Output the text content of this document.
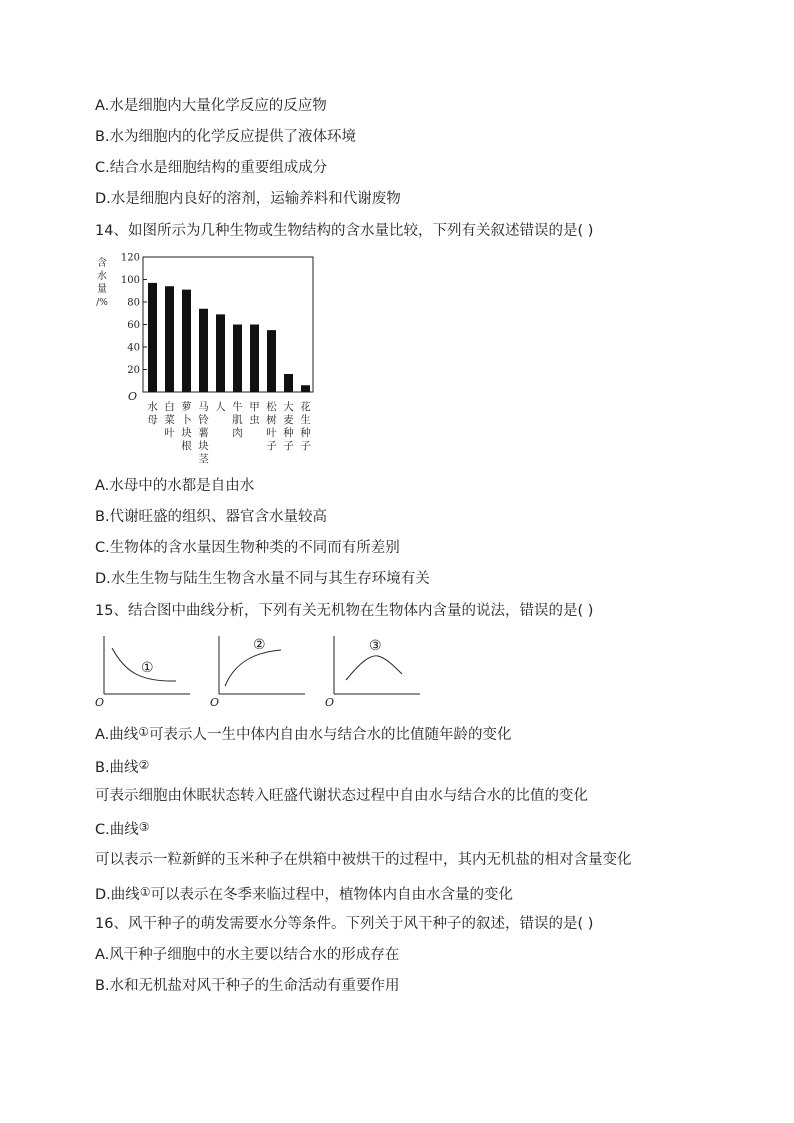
A.水是细胞内大量化学反应的反应物
B.水为细胞内的化学反应提供了液体环境
C.结合水是细胞结构的重要组成成分
D.水是细胞内良好的溶剂，运输养料和代谢废物
14、如图所示为几种生物或生物结构的含水量比较，下列有关叙述错误的是( )
含
水
量
/%
O
20
40
60
80
100
120
水
母
白
菜
叶
萝
卜
块
根
马
铃
薯
块
茎
人 牛
肌
肉
甲
虫
松
树
叶
子
大
麦
种
子
花
生
种
子
A.水母中的水都是自由水
B.代谢旺盛的组织、器官含水量较高
C.生物体的含水量因生物种类的不同而有所差别
D.水生生物与陆生生物含水量不同与其生存环境有关
15、结合图中曲线分析，下列有关无机物在生物体内含量的说法，错误的是( )
O
①
O
②
O
③
A.曲线①可表示人一生中体内自由水与结合水的比值随年龄的变化
B.曲线②
可表示细胞由休眠状态转入旺盛代谢状态过程中自由水与结合水的比值的变化
C.曲线③
可以表示一粒新鲜的玉米种子在烘箱中被烘干的过程中，其内无机盐的相对含量变化
D.曲线①可以表示在冬季来临过程中，植物体内自由水含量的变化
16、风干种子的萌发需要水分等条件。下列关于风干种子的叙述，错误的是( )
A.风干种子细胞中的水主要以结合水的形成存在
B.水和无机盐对风干种子的生命活动有重要作用
